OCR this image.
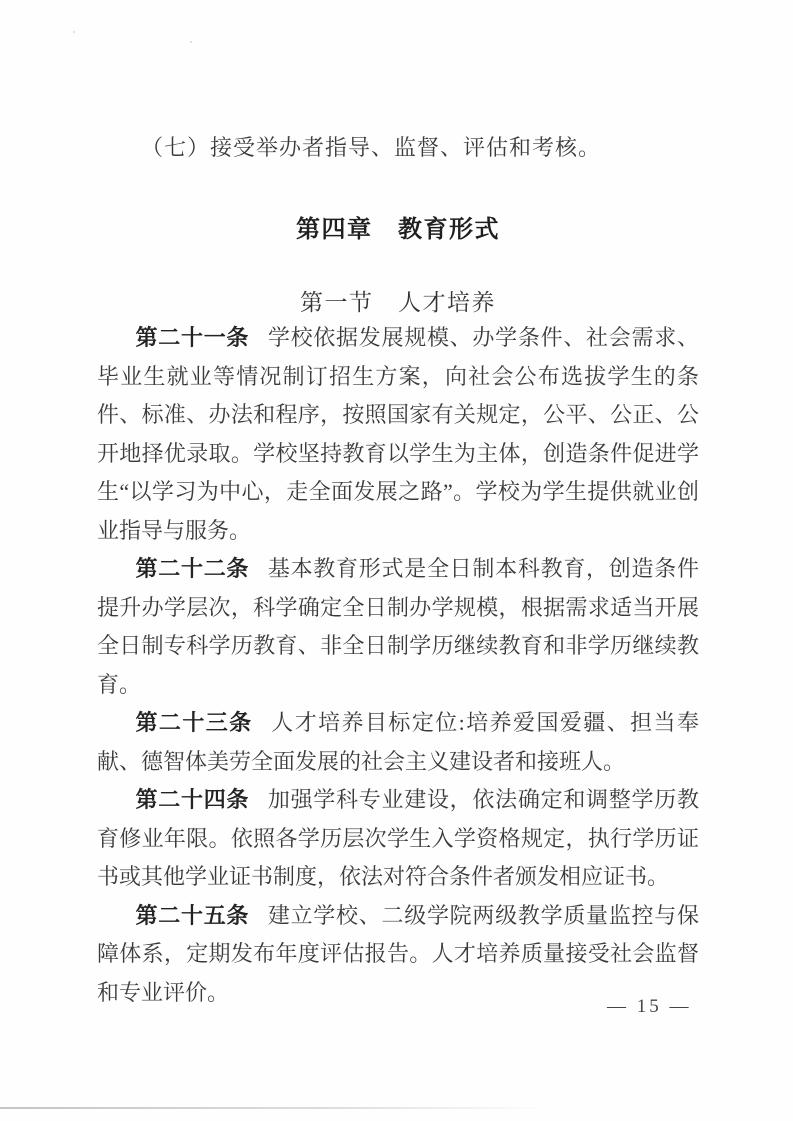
（七）接受举办者指导、监督、评估和考核。

第四章　教育形式
第一节　人才培养

第二十一条 学校依据发展规模、办学条件、社会需求、毕业生就业等情况制订招生方案，向社会公布选拔学生的条件、标准、办法和程序，按照国家有关规定，公平、公正、公开地择优录取。学校坚持教育以学生为主体，创造条件促进学生“以学习为中心，走全面发展之路”。学校为学生提供就业创业指导与服务。

第二十二条 基本教育形式是全日制本科教育，创造条件提升办学层次，科学确定全日制办学规模，根据需求适当开展全日制专科学历教育、非全日制学历继续教育和非学历继续教育。

第二十三条 人才培养目标定位:培养爱国爱疆、担当奉献、德智体美劳全面发展的社会主义建设者和接班人。

第二十四条 加强学科专业建设，依法确定和调整学历教育修业年限。依照各学历层次学生入学资格规定，执行学历证书或其他学业证书制度，依法对符合条件者颁发相应证书。

第二十五条 建立学校、二级学院两级教学质量监控与保障体系，定期发布年度评估报告。人才培养质量接受社会监督和专业评价。

— 15 —
